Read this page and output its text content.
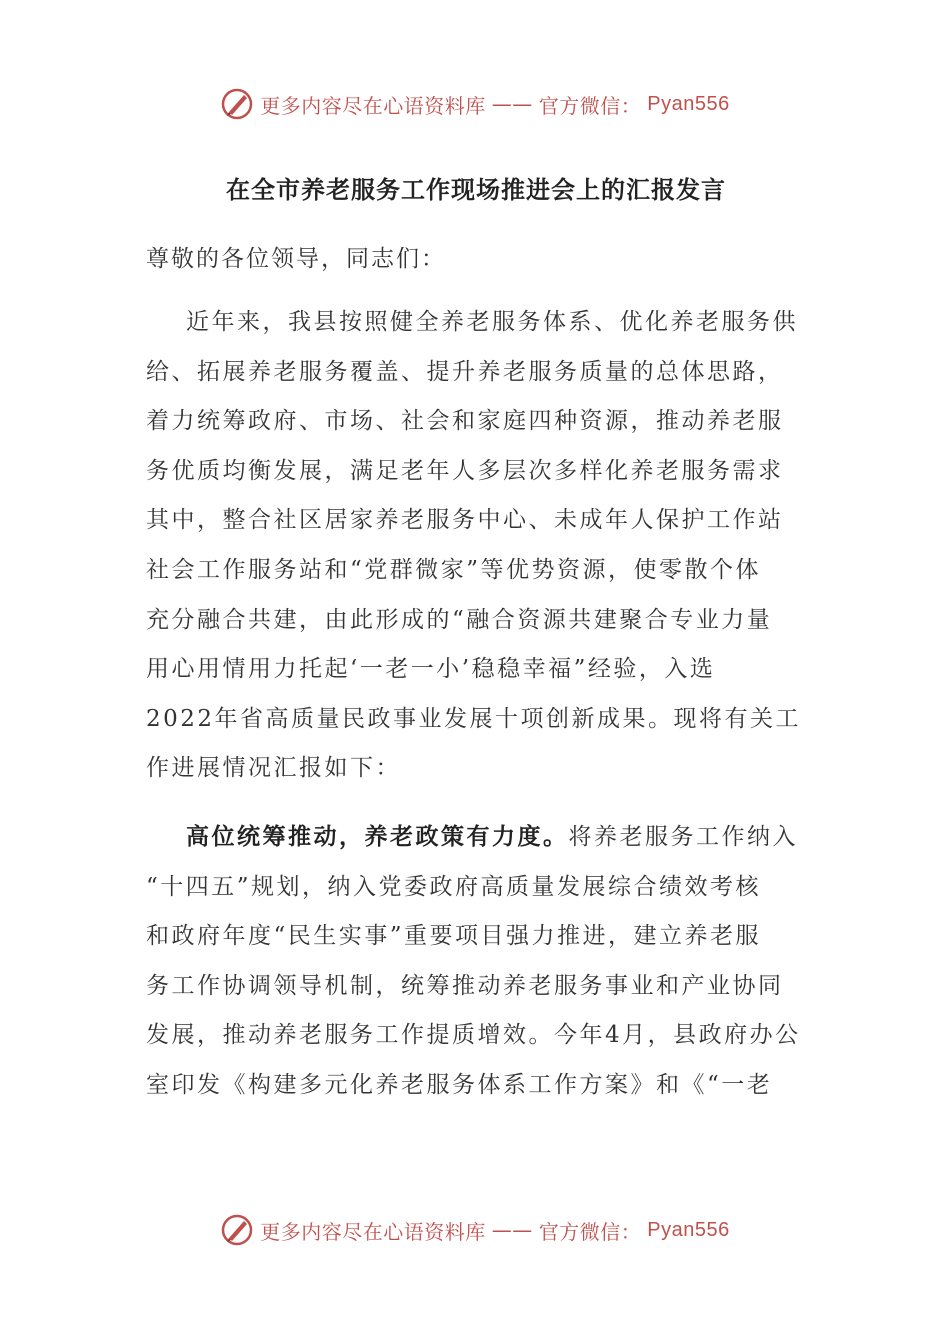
更多内容尽在心语资料库 —— 官方微信： Pyan556
在全市养老服务工作现场推进会上的汇报发言
尊敬的各位领导，同志们：
近年来，我县按照健全养老服务体系、优化养老服务供
给、拓展养老服务覆盖、提升养老服务质量的总体思路，
着力统筹政府、市场、社会和家庭四种资源，推动养老服
务优质均衡发展，满足老年人多层次多样化养老服务需求
其中，整合社区居家养老服务中心、未成年人保护工作站
社会工作服务站和“党群微家”等优势资源，使零散个体
充分融合共建，由此形成的“融合资源共建聚合专业力量
用心用情用力托起‘一老一小’稳稳幸福”经验，入选
2022年省高质量民政事业发展十项创新成果。现将有关工
作进展情况汇报如下：
高位统筹推动，养老政策有力度。将养老服务工作纳入
“十四五”规划，纳入党委政府高质量发展综合绩效考核
和政府年度“民生实事”重要项目强力推进，建立养老服
务工作协调领导机制，统筹推动养老服务事业和产业协同
发展，推动养老服务工作提质增效。今年4月，县政府办公
室印发《构建多元化养老服务体系工作方案》和《“一老
更多内容尽在心语资料库 —— 官方微信： Pyan556
